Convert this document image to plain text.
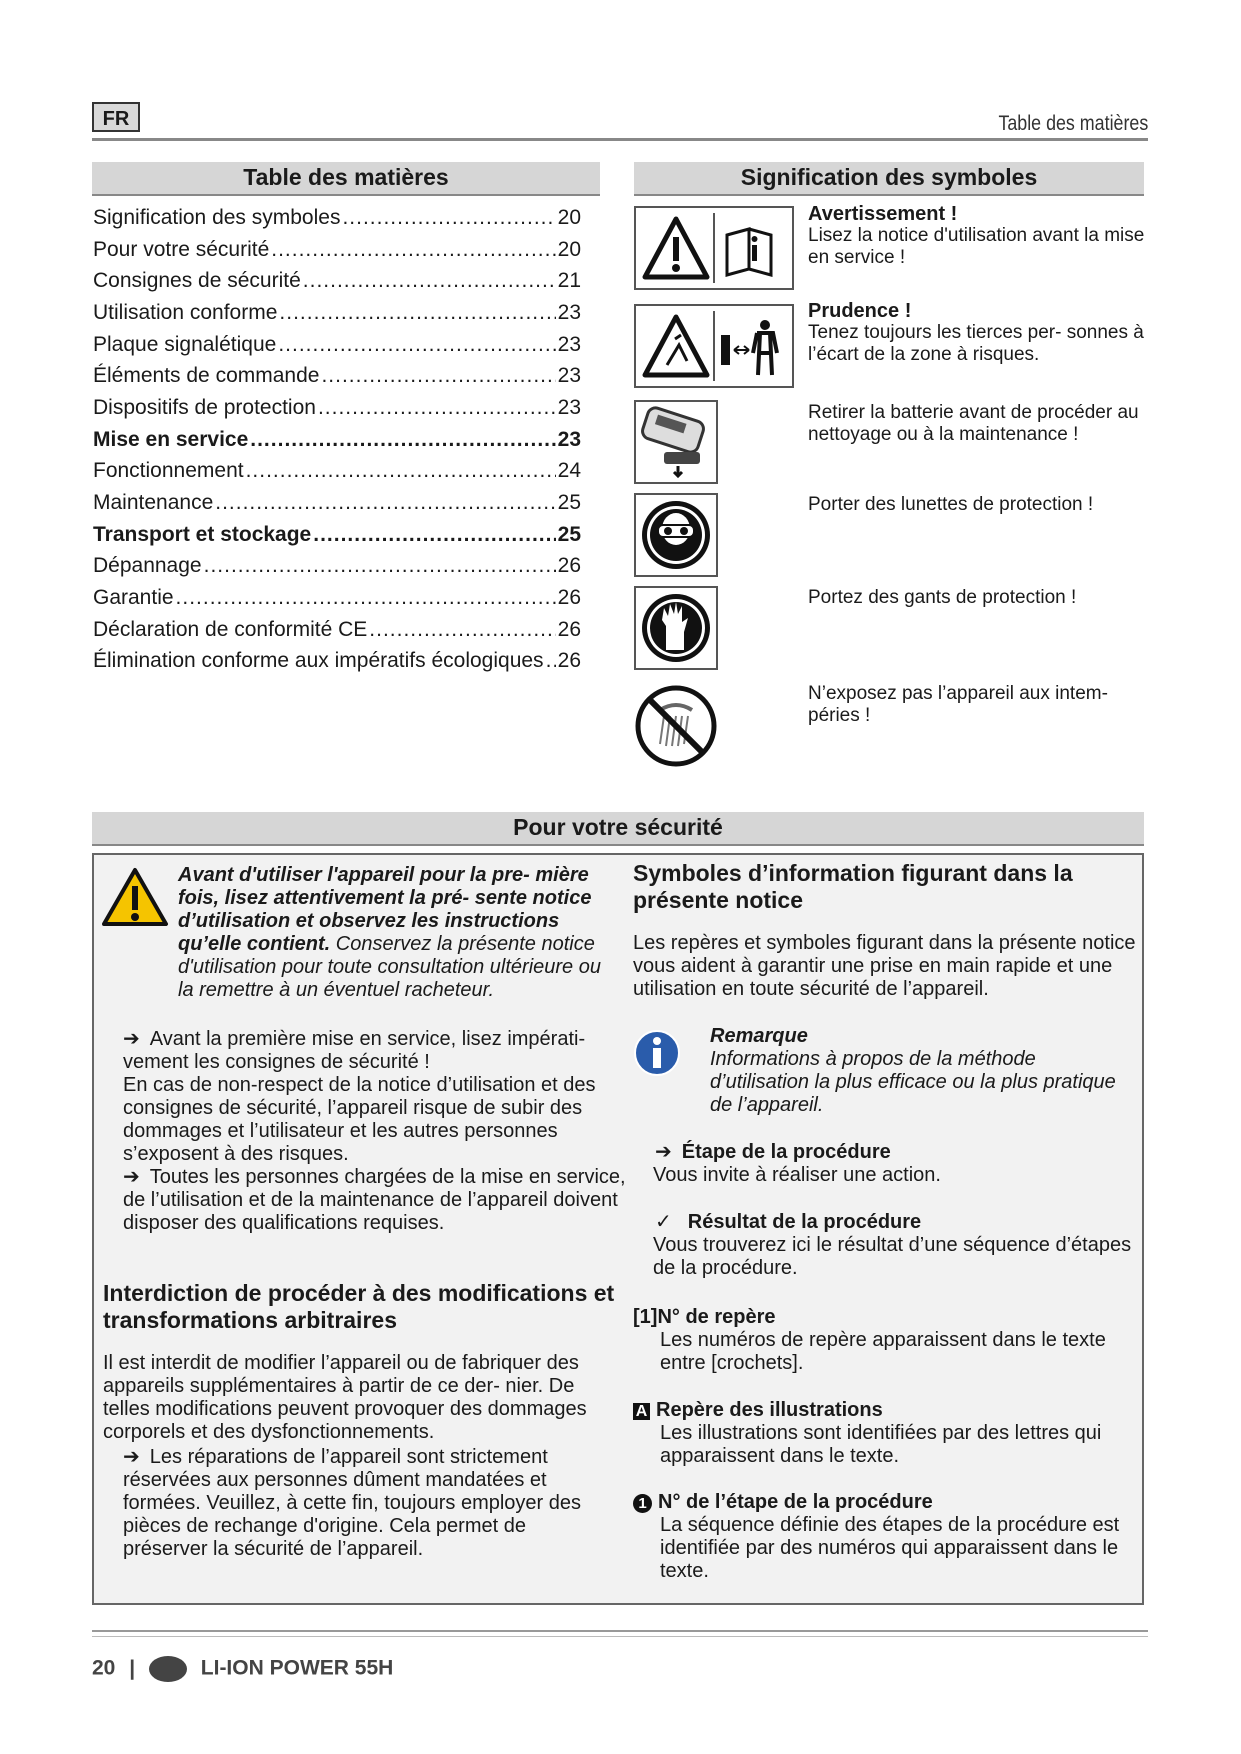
FR	Table des matières
Table des matières
Signification des symboles .....	20
Pour votre sécurité .....	20
Consignes de sécurité .....	21
Utilisation conforme .....	23
Plaque signalétique .....	23
Éléments de commande .....	23
Dispositifs de protection .....	23
Mise en service .....	23
Fonctionnement .....	24
Maintenance .....	25
Transport et stockage .....	25
Dépannage .....	26
Garantie .....	26
Déclaration de conformité CE .....	26
Élimination conforme aux impératifs écologiques ..... 26
Signification des symboles
Avertissement !
Lisez la notice d'utilisation avant la mise en service !
Prudence !
Tenez toujours les tierces per- sonnes à l’écart de la zone à risques.
Retirer la batterie avant de procéder au nettoyage ou à la maintenance !
Porter des lunettes de protection !
Portez des gants de protection !
N’exposez pas l’appareil aux intem- péries !
Pour votre sécurité
Avant d'utiliser l'appareil pour la pre- mière fois, lisez attentivement la pré- sente notice d’utilisation et observez les instructions qu’elle contient. Conservez la présente notice d'utilisation pour toute consultation ultérieure ou la remettre à un éventuel racheteur.
➔ Avant la première mise en service, lisez impérati- vement les consignes de sécurité !
En cas de non-respect de la notice d’utilisation et des consignes de sécurité, l’appareil risque de subir des dommages et l’utilisateur et les autres personnes s’exposent à des risques.
➔ Toutes les personnes chargées de la mise en service, de l’utilisation et de la maintenance de l’appareil doivent disposer des qualifications requises.
Interdiction de procéder à des modifications et transformations arbitraires
Il est interdit de modifier l’appareil ou de fabriquer des appareils supplémentaires à partir de ce der- nier. De telles modifications peuvent provoquer des dommages corporels et des dysfonctionnements.
➔ Les réparations de l’appareil sont strictement réservées aux personnes dûment mandatées et formées. Veuillez, à cette fin, toujours employer des pièces de rechange d'origine. Cela permet de préserver la sécurité de l’appareil.
Symboles d’information figurant dans la présente notice
Les repères et symboles figurant dans la présente notice vous aident à garantir une prise en main rapide et une utilisation en toute sécurité de l’appareil.
Remarque
Informations à propos de la méthode d’utilisation la plus efficace ou la plus pratique de l’appareil.
➔ Étape de la procédure
Vous invite à réaliser une action.
✓ Résultat de la procédure
Vous trouverez ici le résultat d’une séquence d’étapes de la procédure.
[1]N° de repère
Les numéros de repère apparaissent dans le texte entre [crochets].
A Repère des illustrations
Les illustrations sont identifiées par des lettres qui apparaissent dans le texte.
1 N° de l’étape de la procédure
La séquence définie des étapes de la procédure est identifiée par des numéros qui apparaissent dans le texte.
20 |	LI-ION POWER 55H
